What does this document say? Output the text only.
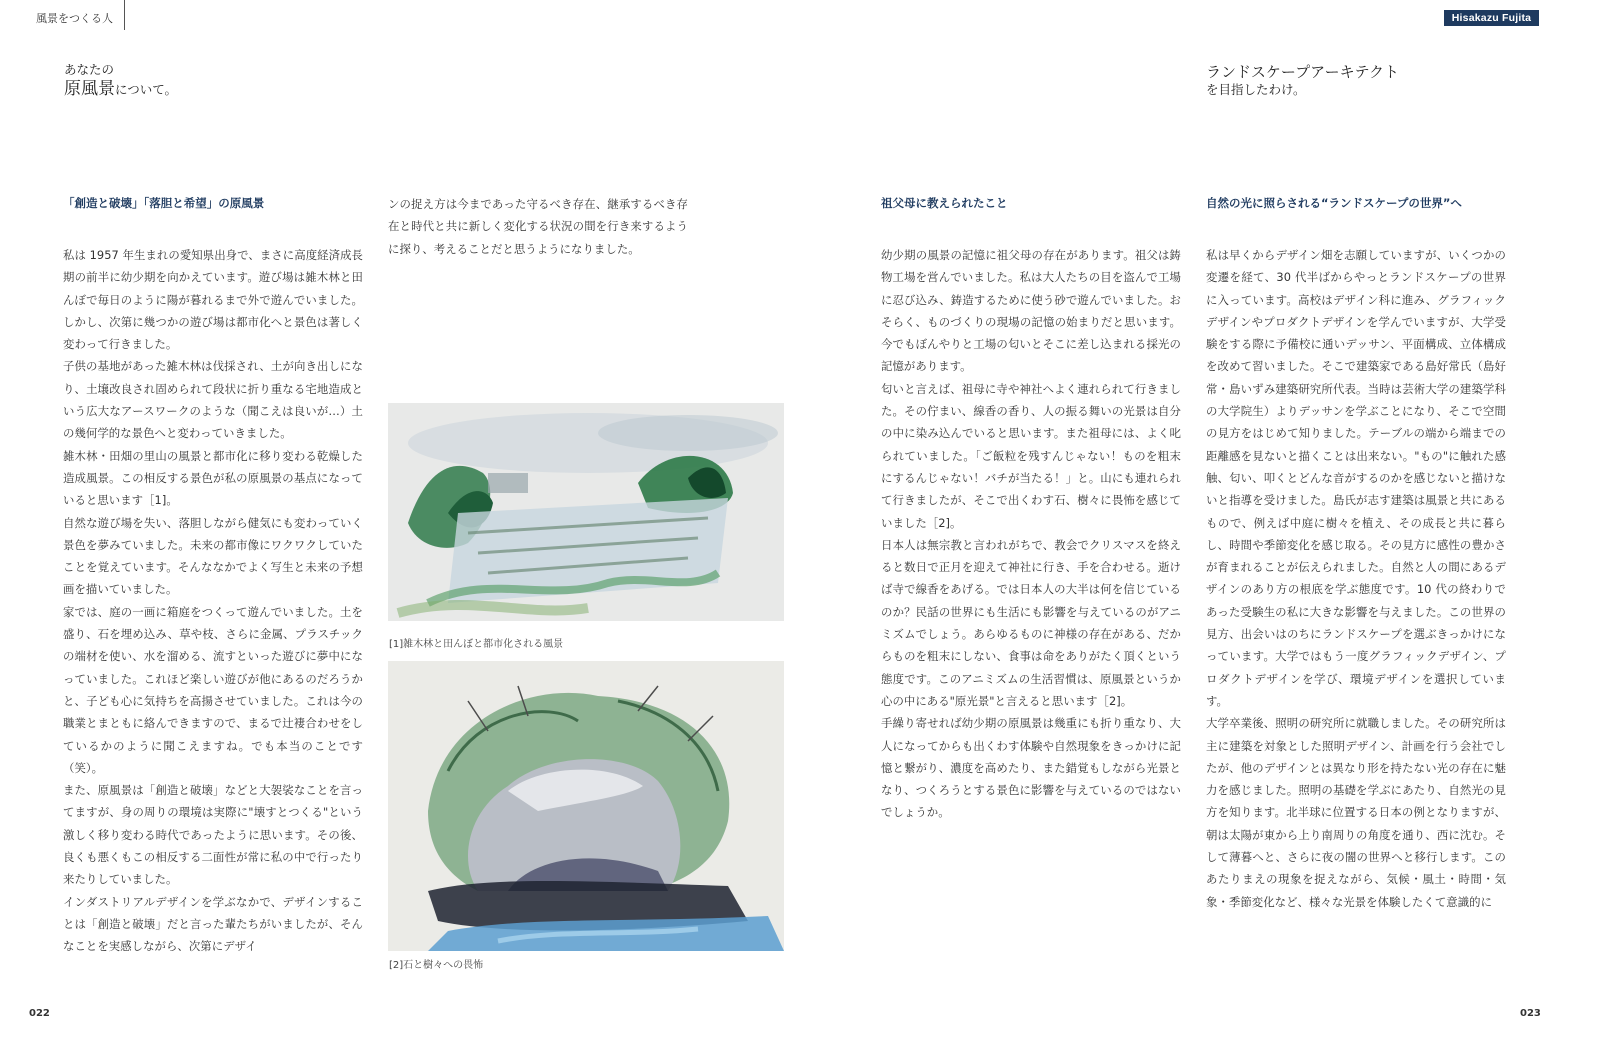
風景をつくる人	Hisakazu Fujita
あなたの
原風景について。
ランドスケープアーキテクト
を目指したわけ。
「創造と破壊」「落胆と希望」の原風景

私は 1957 年生まれの愛知県出身で、まさに高度経済成長期の前半に幼少期を向かえています。遊び場は雑木林と田んぼで毎日のように陽が暮れるまで外で遊んでいました。しかし、次第に幾つかの遊び場は都市化へと景色は著しく変わって行きました。

子供の基地があった雑木林は伐採され、土が向き出しになり、土壌改良され固められて段状に折り重なる宅地造成という広大なアースワークのような（聞こえは良いが…）土の幾何学的な景色へと変わっていきました。

雑木林・田畑の里山の風景と都市化に移り変わる乾燥した造成風景。この相反する景色が私の原風景の基点になっていると思います［1]。

自然な遊び場を失い、落胆しながら健気にも変わっていく景色を夢みていました。未来の都市像にワクワクしていたことを覚えています。そんななかでよく写生と未来の予想画を描いていました。

家では、庭の一画に箱庭をつくって遊んでいました。土を盛り、石を埋め込み、草や枝、さらに金属、プラスチックの端材を使い、水を溜める、流すといった遊びに夢中になっていました。これほど楽しい遊びが他にあるのだろうかと、子ども心に気持ちを高揚させていました。これは今の職業とまともに絡んできますので、まるで辻褄合わせをしているかのように聞こえますね。でも本当のことです（笑）。

また、原風景は「創造と破壊」などと大袈裟なことを言ってますが、身の周りの環境は実際に"壊すとつくる"という激しく移り変わる時代であったように思います。その後、良くも悪くもこの相反する二面性が常に私の中で行ったり来たりしていました。

インダストリアルデザインを学ぶなかで、デザインすることは「創造と破壊」だと言った輩たちがいましたが、そんなことを実感しながら、次第にデザイ

ンの捉え方は今まであった守るべき存在、継承するべき存在と時代と共に新しく変化する状況の間を行き来するように探り、考えることだと思うようになりました。

[1]雑木林と田んぼと都市化される風景
[2]石と樹々への畏怖
祖父母に教えられたこと

幼少期の風景の記憶に祖父母の存在があります。祖父は鋳物工場を営んでいました。私は大人たちの目を盗んで工場に忍び込み、鋳造するために使う砂で遊んでいました。おそらく、ものづくりの現場の記憶の始まりだと思います。今でもぼんやりと工場の匂いとそこに差し込まれる採光の記憶があります。

匂いと言えば、祖母に寺や神社へよく連れられて行きました。その佇まい、線香の香り、人の振る舞いの光景は自分の中に染み込んでいると思います。また祖母には、よく叱られていました。「ご飯粒を残すんじゃない！ものを粗末にするんじゃない！バチが当たる！」と。山にも連れられて行きましたが、そこで出くわす石、樹々に畏怖を感じていました［2]。

日本人は無宗教と言われがちで、教会でクリスマスを終えると数日で正月を迎えて神社に行き、手を合わせる。逝けば寺で線香をあげる。では日本人の大半は何を信じているのか？民話の世界にも生活にも影響を与えているのがアニミズムでしょう。あらゆるものに神様の存在がある、だからものを粗末にしない、食事は命をありがたく頂くという態度です。このアニミズムの生活習慣は、原風景というか心の中にある"原光景"と言えると思います［2]。

手繰り寄せれば幼少期の原風景は幾重にも折り重なり、大人になってからも出くわす体験や自然現象をきっかけに記憶と繋がり、濃度を高めたり、また錯覚もしながら光景となり、つくろうとする景色に影響を与えているのではないでしょうか。

自然の光に照らされる“ランドスケープの世界”へ

私は早くからデザイン畑を志願していますが、いくつかの変遷を経て、30 代半ばからやっとランドスケープの世界に入っています。高校はデザイン科に進み、グラフィックデザインやプロダクトデザインを学んでいますが、大学受験をする際に予備校に通いデッサン、平面構成、立体構成を改めて習いました。そこで建築家である島好常氏（島好常・島いずみ建築研究所代表。当時は芸術大学の建築学科の大学院生）よりデッサンを学ぶことになり、そこで空間の見方をはじめて知りました。テーブルの端から端までの距離感を見ないと描くことは出来ない。"もの"に触れた感触、匂い、叩くとどんな音がするのかを感じないと描けないと指導を受けました。島氏が志す建築は風景と共にあるもので、例えば中庭に樹々を植え、その成長と共に暮らし、時間や季節変化を感じ取る。その見方に感性の豊かさが育まれることが伝えられました。自然と人の間にあるデザインのあり方の根底を学ぶ態度です。10 代の終わりであった受験生の私に大きな影響を与えました。この世界の見方、出会いはのちにランドスケープを選ぶきっかけになっています。大学ではもう一度グラフィックデザイン、プロダクトデザインを学び、環境デザインを選択しています。

大学卒業後、照明の研究所に就職しました。その研究所は主に建築を対象とした照明デザイン、計画を行う会社でしたが、他のデザインとは異なり形を持たない光の存在に魅力を感じました。照明の基礎を学ぶにあたり、自然光の見方を知ります。北半球に位置する日本の例となりますが、朝は太陽が東から上り南周りの角度を通り、西に沈む。そして薄暮へと、さらに夜の闇の世界へと移行します。このあたりまえの現象を捉えながら、気候・風土・時間・気象・季節変化など、様々な光景を体験したくて意識的に

022	023
